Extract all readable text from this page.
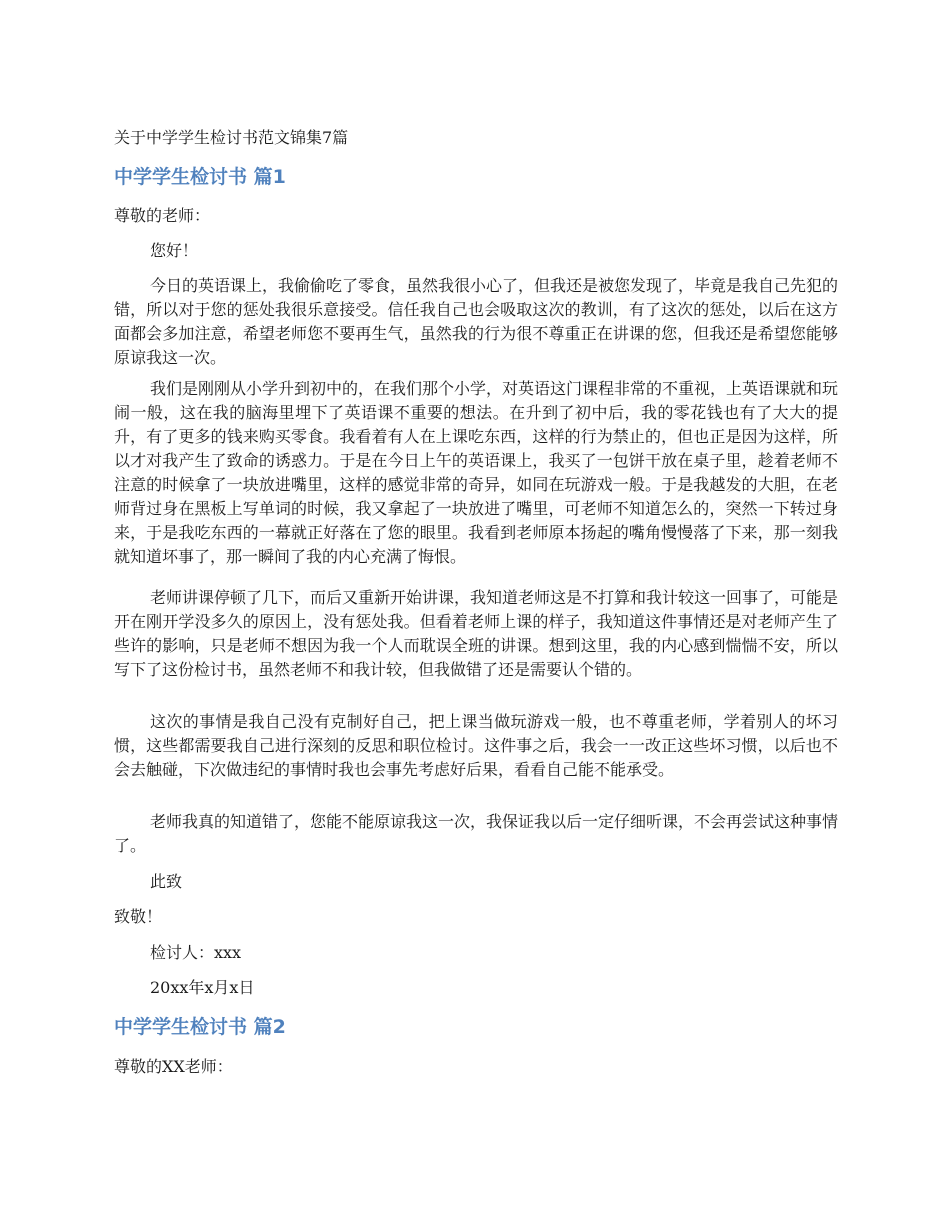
关于中学学生检讨书范文锦集7篇
中学学生检讨书 篇1
尊敬的老师：
您好！
今日的英语课上，我偷偷吃了零食，虽然我很小心了，但我还是被您发现了，毕竟是我自己先犯的错，所以对于您的惩处我很乐意接受。信任我自己也会吸取这次的教训，有了这次的惩处，以后在这方面都会多加注意，希望老师您不要再生气，虽然我的行为很不尊重正在讲课的您，但我还是希望您能够原谅我这一次。
我们是刚刚从小学升到初中的，在我们那个小学，对英语这门课程非常的不重视，上英语课就和玩闹一般，这在我的脑海里埋下了英语课不重要的想法。在升到了初中后，我的零花钱也有了大大的提升，有了更多的钱来购买零食。我看着有人在上课吃东西，这样的行为禁止的，但也正是因为这样，所以才对我产生了致命的诱惑力。于是在今日上午的英语课上，我买了一包饼干放在桌子里，趁着老师不注意的时候拿了一块放进嘴里，这样的感觉非常的奇异，如同在玩游戏一般。于是我越发的大胆，在老师背过身在黑板上写单词的时候，我又拿起了一块放进了嘴里，可老师不知道怎么的，突然一下转过身来，于是我吃东西的一幕就正好落在了您的眼里。我看到老师原本扬起的嘴角慢慢落了下来，那一刻我就知道坏事了，那一瞬间了我的内心充满了悔恨。
老师讲课停顿了几下，而后又重新开始讲课，我知道老师这是不打算和我计较这一回事了，可能是开在刚开学没多久的原因上，没有惩处我。但看着老师上课的样子，我知道这件事情还是对老师产生了些许的影响，只是老师不想因为我一个人而耽误全班的讲课。想到这里，我的内心感到惴惴不安，所以写下了这份检讨书，虽然老师不和我计较，但我做错了还是需要认个错的。
这次的事情是我自己没有克制好自己，把上课当做玩游戏一般，也不尊重老师，学着别人的坏习惯，这些都需要我自己进行深刻的反思和职位检讨。这件事之后，我会一一改正这些坏习惯，以后也不会去触碰，下次做违纪的事情时我也会事先考虑好后果，看看自己能不能承受。
老师我真的知道错了，您能不能原谅我这一次，我保证我以后一定仔细听课，不会再尝试这种事情了。
此致
致敬！
检讨人：xxx
20xx年x月x日
中学学生检讨书 篇2
尊敬的XX老师：
